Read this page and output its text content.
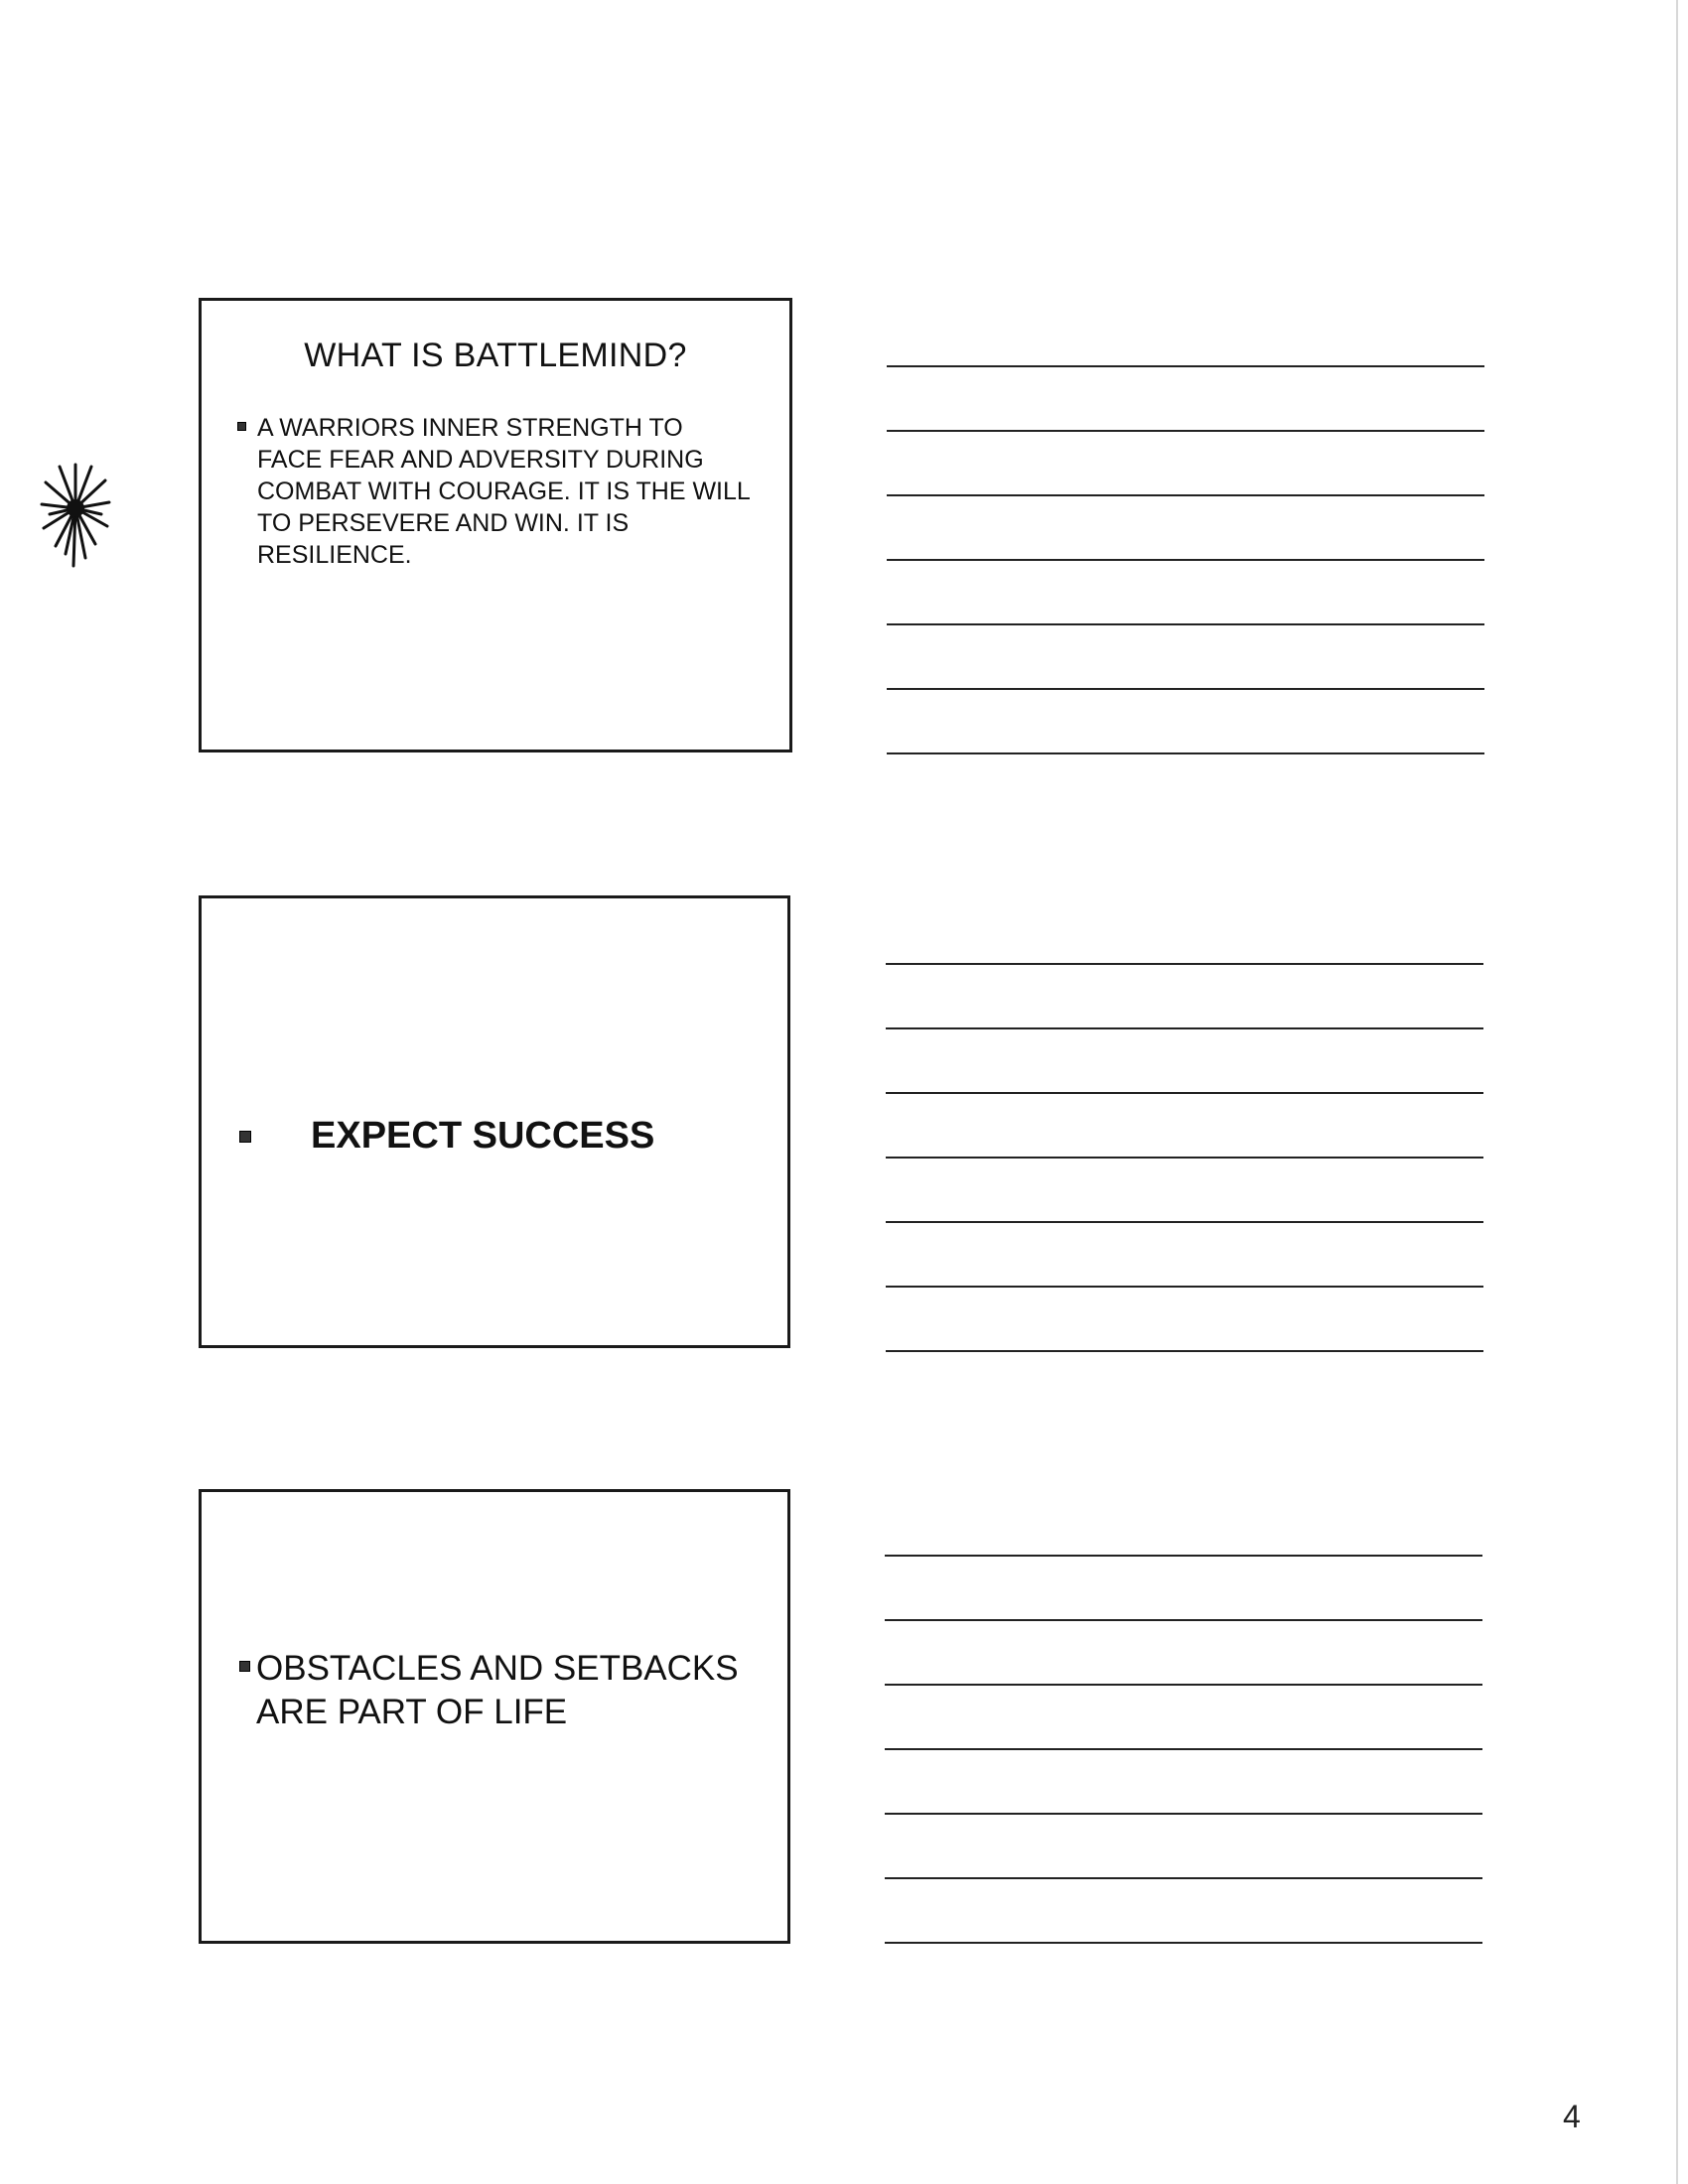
WHAT IS BATTLEMIND?
A WARRIORS INNER STRENGTH TO FACE FEAR AND ADVERSITY DURING COMBAT WITH COURAGE. IT IS THE WILL TO PERSEVERE AND WIN. IT IS RESILIENCE.
EXPECT SUCCESS
OBSTACLES AND SETBACKS ARE PART OF LIFE
4
